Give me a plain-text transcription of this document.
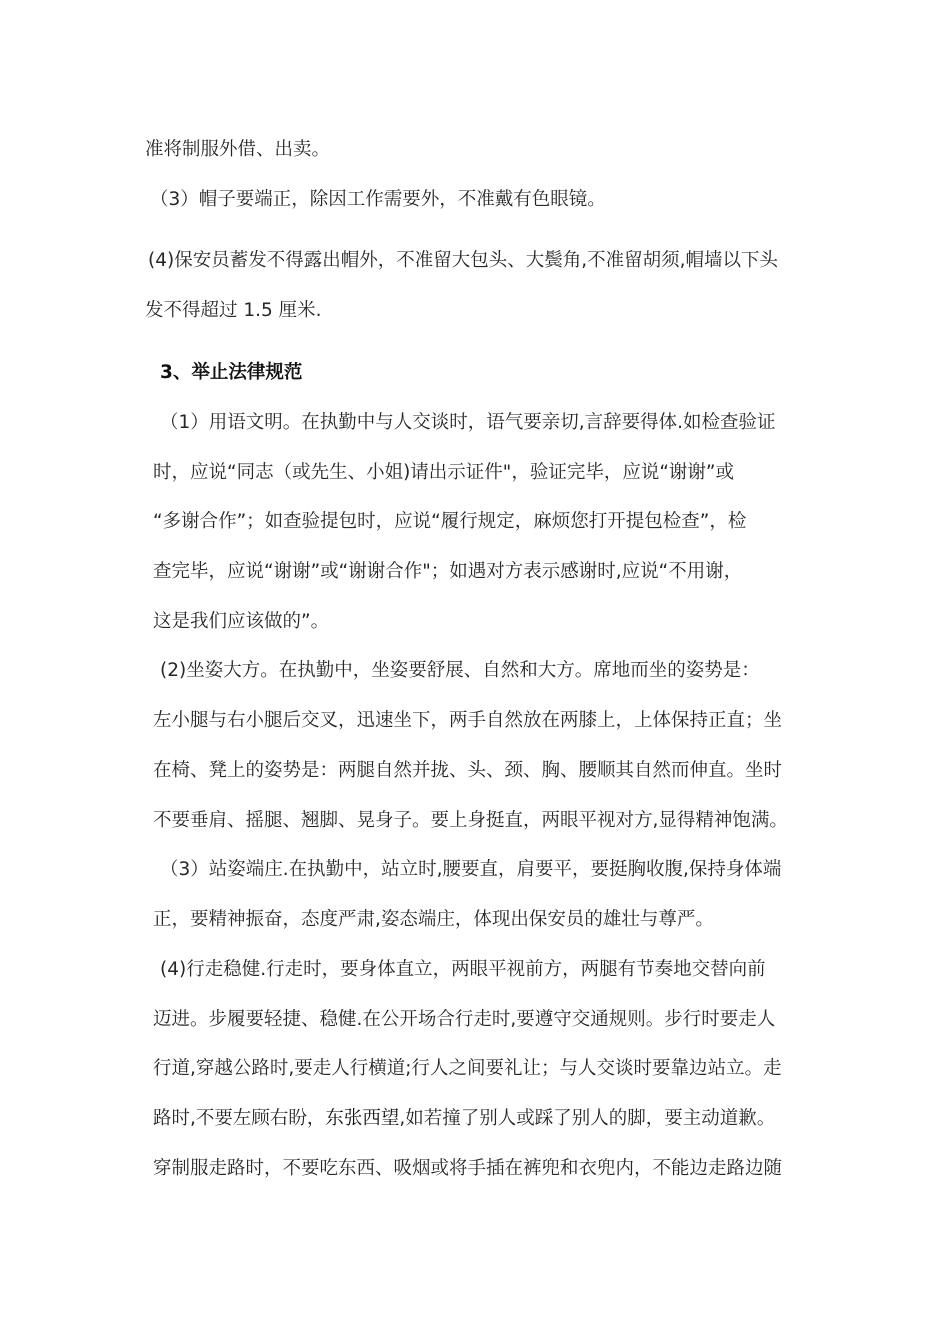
准将制服外借、出卖。
（3）帽子要端正，除因工作需要外，不准戴有色眼镜。
(4)保安员蓄发不得露出帽外，不准留大包头、大鬓角,不准留胡须,帽墙以下头
发不得超过 1.5 厘米.
3、举止法律规范
（1）用语文明。在执勤中与人交谈时，语气要亲切,言辞要得体.如检查验证
时，应说“同志（或先生、小姐)请出示证件"，验证完毕，应说“谢谢”或
“多谢合作”；如查验提包时，应说“履行规定，麻烦您打开提包检查”，检
查完毕，应说“谢谢”或“谢谢合作"；如遇对方表示感谢时,应说“不用谢，
这是我们应该做的”。
(2)坐姿大方。在执勤中，坐姿要舒展、自然和大方。席地而坐的姿势是：
左小腿与右小腿后交叉，迅速坐下，两手自然放在两膝上，上体保持正直；坐
在椅、凳上的姿势是：两腿自然并拢、头、颈、胸、腰顺其自然而伸直。坐时
不要垂肩、摇腿、翘脚、晃身子。要上身挺直，两眼平视对方,显得精神饱满。
（3）站姿端庄.在执勤中，站立时,腰要直，肩要平，要挺胸收腹,保持身体端
正，要精神振奋，态度严肃,姿态端庄，体现出保安员的雄壮与尊严。
(4)行走稳健.行走时，要身体直立，两眼平视前方，两腿有节奏地交替向前
迈进。步履要轻捷、稳健.在公开场合行走时,要遵守交通规则。步行时要走人
行道,穿越公路时,要走人行横道;行人之间要礼让；与人交谈时要靠边站立。走
路时,不要左顾右盼，东张西望,如若撞了别人或踩了别人的脚，要主动道歉。
穿制服走路时，不要吃东西、吸烟或将手插在裤兜和衣兜内，不能边走路边随
